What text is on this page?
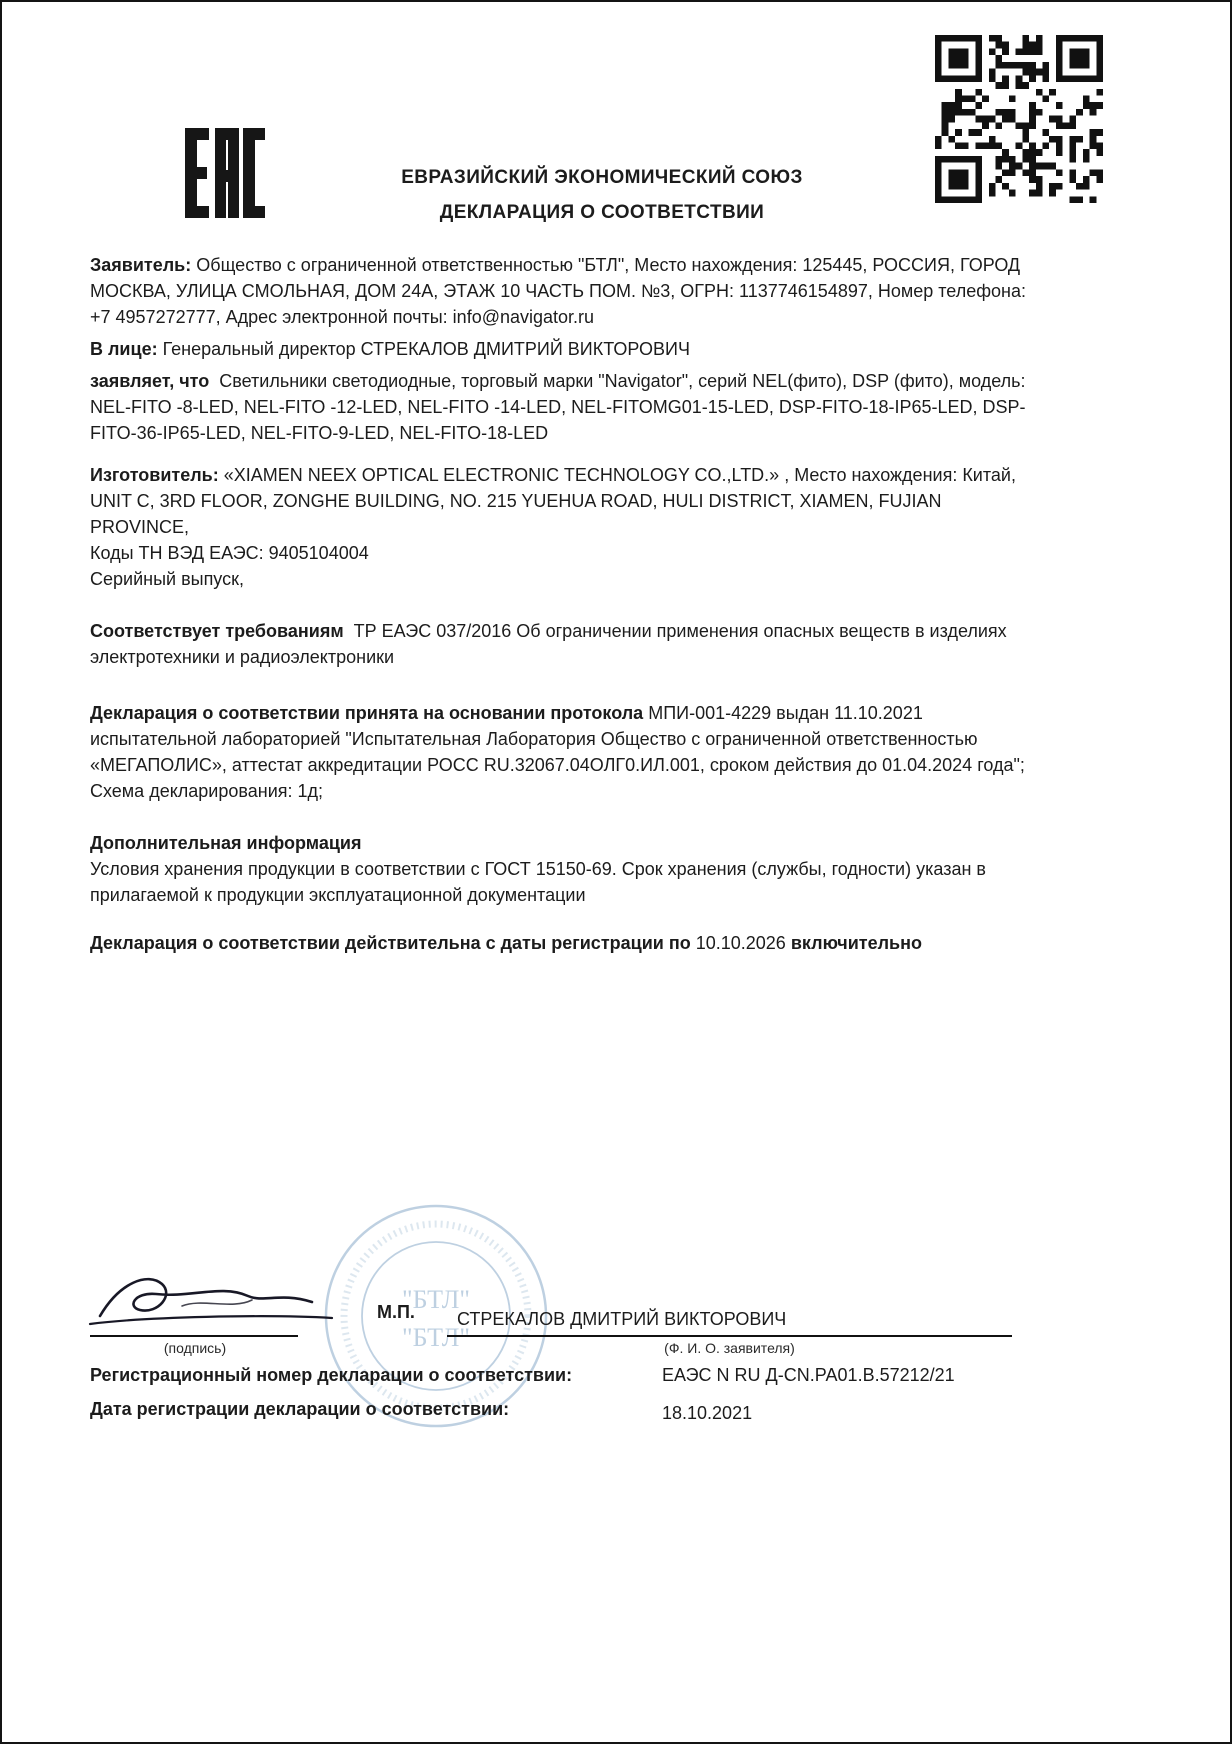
ЕВРАЗИЙСКИЙ ЭКОНОМИЧЕСКИЙ СОЮЗ
ДЕКЛАРАЦИЯ О СООТВЕТСТВИИ

Заявитель: Общество с ограниченной ответственностью "БТЛ", Место нахождения: 125445, РОССИЯ, ГОРОД МОСКВА, УЛИЦА СМОЛЬНАЯ, ДОМ 24А, ЭТАЖ 10 ЧАСТЬ ПОМ. №3, ОГРН: 1137746154897, Номер телефона: +7 4957272777, Адрес электронной почты: info@navigator.ru

В лице: Генеральный директор СТРЕКАЛОВ ДМИТРИЙ ВИКТОРОВИЧ

заявляет, что Светильники светодиодные, торговый марки "Navigator", серий NEL(фито), DSP (фито), модель: NEL-FITO -8-LED, NEL-FITO -12-LED, NEL-FITO -14-LED, NEL-FITOMG01-15-LED, DSP-FITO-18-IP65-LED, DSP-FITO-36-IP65-LED, NEL-FITO-9-LED, NEL-FITO-18-LED

Изготовитель: «XIAMEN NEEX OPTICAL ELECTRONIC TECHNOLOGY CO.,LTD.» , Место нахождения: Китай, UNIT C, 3RD FLOOR, ZONGHE BUILDING, NO. 215 YUEHUA ROAD, HULI DISTRICT, XIAMEN, FUJIAN PROVINCE,

Коды ТН ВЭД ЕАЭС: 9405104004

Серийный выпуск,

Соответствует требованиям ТР ЕАЭС 037/2016 Об ограничении применения опасных веществ в изделиях электротехники и радиоэлектроники

Декларация о соответствии принята на основании протокола МПИ-001-4229 выдан 11.10.2021 испытательной лабораторией "Испытательная Лаборатория Общество с ограниченной ответственностью «МЕГАПОЛИС», аттестат аккредитации РОСС RU.32067.04ОЛГ0.ИЛ.001, сроком действия до 01.04.2024 года"; Схема декларирования: 1д;

Дополнительная информация

Условия хранения продукции в соответствии с ГОСТ 15150-69. Срок хранения (службы, годности) указан в прилагаемой к продукции эксплуатационной документации

Декларация о соответствии действительна с даты регистрации по 10.10.2026 включительно

"БТЛ"
"БТЛ"
(подпись)
М.П. СТРЕКАЛОВ ДМИТРИЙ ВИКТОРОВИЧ
(Ф. И. О. заявителя)
Регистрационный номер декларации о соответствии:	ЕАЭС N RU Д-CN.РА01.В.57212/21
Дата регистрации декларации о соответствии:	18.10.2021
